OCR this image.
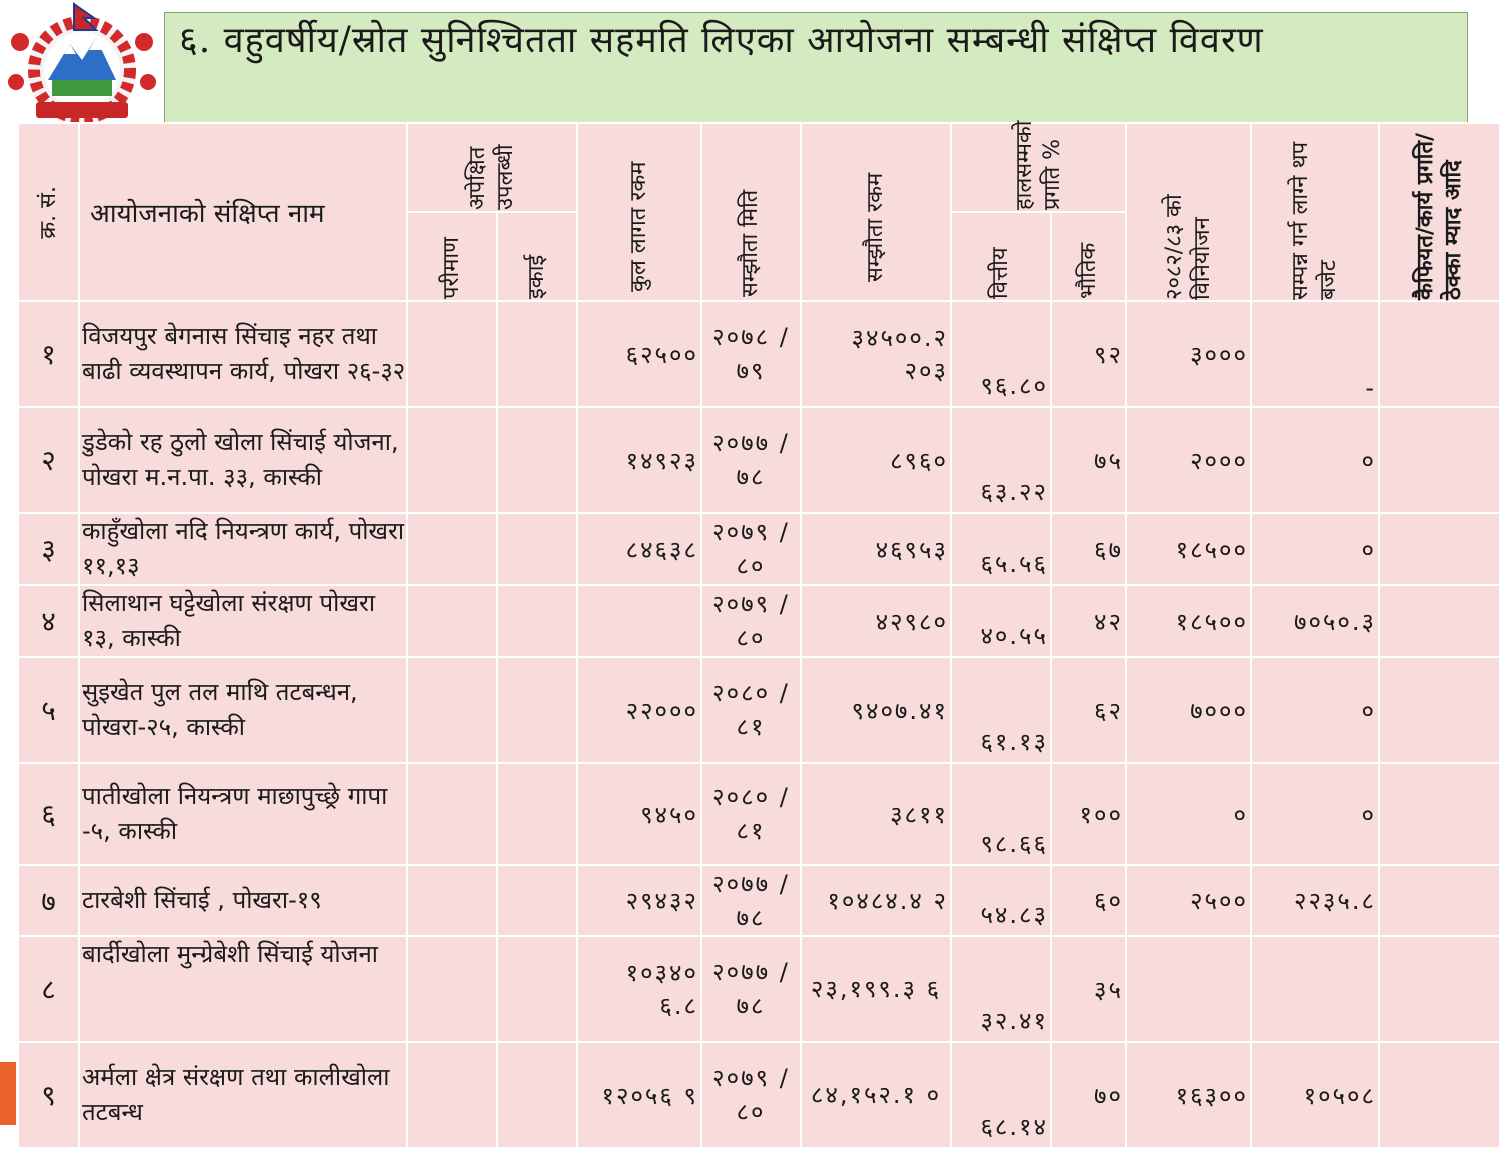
६. वहुवर्षीय/स्रोत सुनिश्चितता सहमति लिएका आयोजना सम्बन्धी संक्षिप्त विवरण
क्र. सं.	आयोजनाको संक्षिप्त नाम	अपेक्षित उपलब्धी		कुल लागत रकम	सम्झौता मिति	सम्झौता रकम	हालसम्मको प्रगति %		२०८२/८३ को विनियोजन	सम्पन्न गर्न लाग्ने थप बजेट	कैफियत/कार्य प्रगति/ठेक्का म्याद आदि

		परीमाण	इकाई				वित्तीय	भौतिक			

१	विजयपुर बेगनास सिंचाइ नहर तथा बाढी व्यवस्थापन कार्य, पोखरा २६-३२			६२५००	२०७८ /७९	३४५००.२ २०३	९६.८०	९२	३०००	-	
२	डुडेको रह ठुलो खोला सिंचाई योजना, पोखरा म.न.पा. ३३, कास्की			१४९२३	२०७७ /७८	८९६०	६३.२२	७५	२०००	०	
३	काहुँखोला नदि नियन्त्रण कार्य, पोखरा ११,१३			८४६३८	२०७९ /८०	४६९५३	६५.५६	६७	१८५००	०	
४	सिलाथान घट्टेखोला संरक्षण पोखरा १३, कास्की				२०७९ /८०	४२९८०	४०.५५	४२	१८५००	७०५०.३	
५	सुइखेत पुल तल माथि तटबन्धन, पोखरा-२५, कास्की			२२०००	२०८० /८१	९४०७.४१	६१.१३	६२	७०००	०	
६	पातीखोला नियन्त्रण माछापुच्छ्रे गापा -५, कास्की			९४५०	२०८० /८१	३८११	९८.६६	१००	०	०	
७	टारबेशी सिंचाई , पोखरा-१९			२९४३२	२०७७ /७८	१०४८४.४ २	५४.८३	६०	२५००	२२३५.८	
८	बार्दीखोला मुन्ग्रेबेशी सिंचाई योजना			१०३४० ६.८	२०७७ /७८	२३,१९९.३ ६	३२.४१	३५			
९	अर्मला क्षेत्र संरक्षण तथा कालीखोला तटबन्ध			१२०५६ ९	२०७९ /८०	८४,१५२.१ ०	६८.१४	७०	१६३००	१०५०८	
